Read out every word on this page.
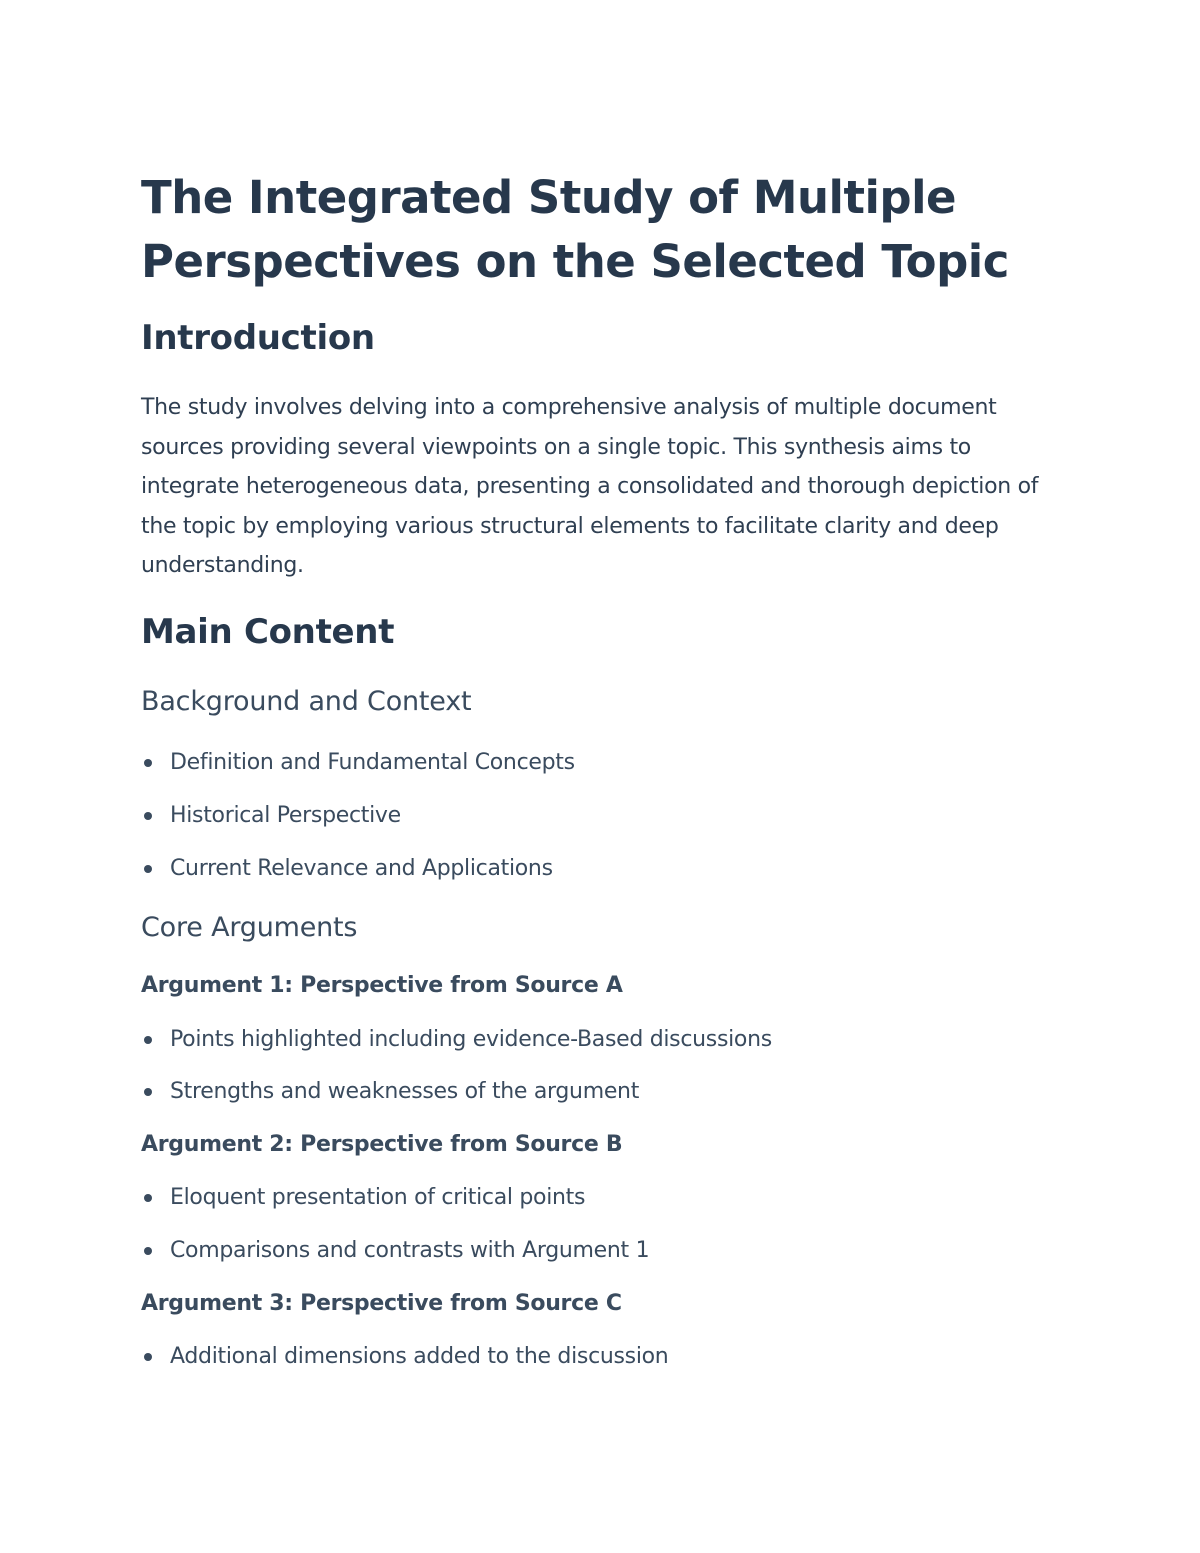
The Integrated Study of Multiple Perspectives on the Selected Topic
Introduction

The study involves delving into a comprehensive analysis of multiple document sources providing several viewpoints on a single topic. This synthesis aims to integrate heterogeneous data, presenting a consolidated and thorough depiction of the topic by employing various structural elements to facilitate clarity and deep understanding.

Main Content
Background and Context
Definition and Fundamental Concepts
Historical Perspective
Current Relevance and Applications
Core Arguments
Argument 1: Perspective from Source A
Points highlighted including evidence-Based discussions
Strengths and weaknesses of the argument
Argument 2: Perspective from Source B
Eloquent presentation of critical points
Comparisons and contrasts with Argument 1
Argument 3: Perspective from Source C
Additional dimensions added to the discussion
